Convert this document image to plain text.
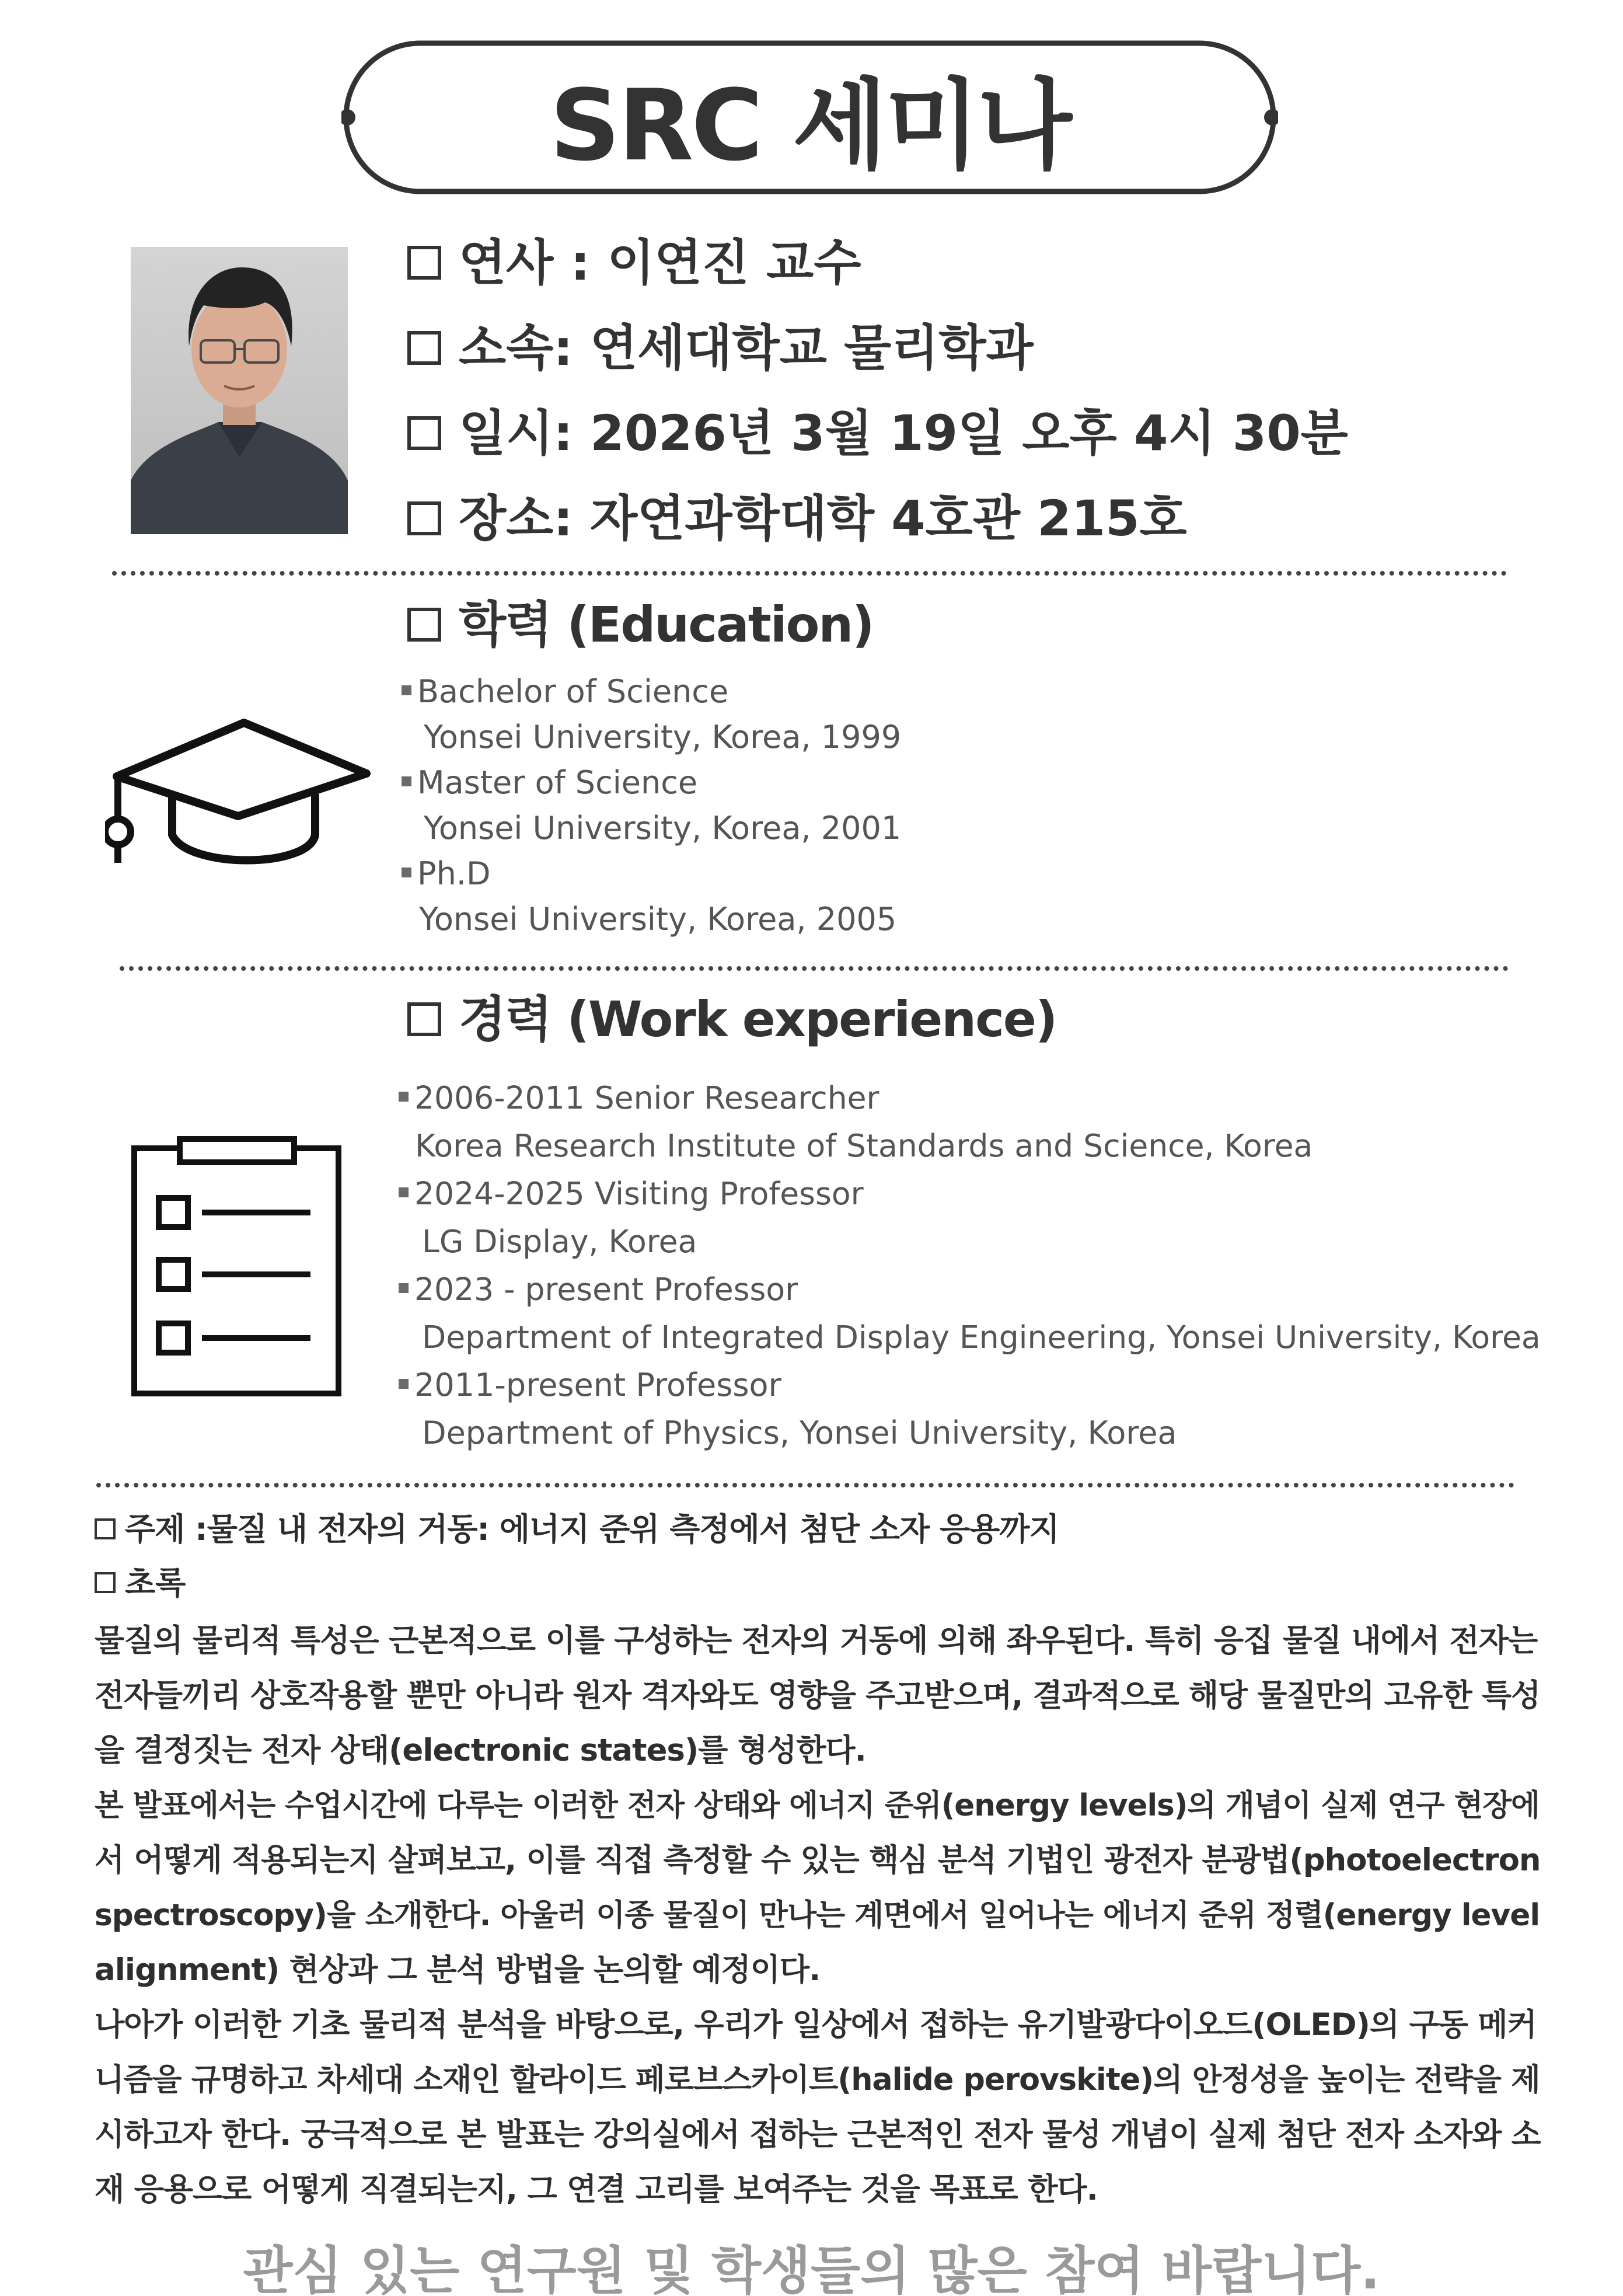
SRC 세미나
연사 : 이연진 교수
소속: 연세대학교 물리학과
일시: 2026년 3월 19일 오후 4시 30분
장소: 자연과학대학 4호관 215호
학력 (Education)
Bachelor of Science
Yonsei University, Korea, 1999
Master of Science
Yonsei University, Korea, 2001
Ph.D
Yonsei University, Korea, 2005
경력 (Work experience)
2006-2011 Senior Researcher
Korea Research Institute of Standards and Science, Korea
2024-2025 Visiting Professor
LG Display, Korea
2023 - present Professor
Department of Integrated Display Engineering, Yonsei University, Korea
2011-present Professor
Department of Physics, Yonsei University, Korea
주제 :물질 내 전자의 거동: 에너지 준위 측정에서 첨단 소자 응용까지
초록
물질의 물리적 특성은 근본적으로 이를 구성하는 전자의 거동에 의해 좌우된다. 특히 응집 물질 내에서 전자는
전자들끼리 상호작용할 뿐만 아니라 원자 격자와도 영향을 주고받으며, 결과적으로 해당 물질만의 고유한 특성
을 결정짓는 전자 상태(electronic states)를 형성한다.
본 발표에서는 수업시간에 다루는 이러한 전자 상태와 에너지 준위(energy levels)의 개념이 실제 연구 현장에
서 어떻게 적용되는지 살펴보고, 이를 직접 측정할 수 있는 핵심 분석 기법인 광전자 분광법(photoelectron
spectroscopy)을 소개한다. 아울러 이종 물질이 만나는 계면에서 일어나는 에너지 준위 정렬(energy level
alignment) 현상과 그 분석 방법을 논의할 예정이다.
나아가 이러한 기초 물리적 분석을 바탕으로, 우리가 일상에서 접하는 유기발광다이오드(OLED)의 구동 메커
니즘을 규명하고 차세대 소재인 할라이드 페로브스카이트(halide perovskite)의 안정성을 높이는 전략을 제
시하고자 한다. 궁극적으로 본 발표는 강의실에서 접하는 근본적인 전자 물성 개념이 실제 첨단 전자 소자와 소
재 응용으로 어떻게 직결되는지, 그 연결 고리를 보여주는 것을 목표로 한다.
관심 있는 연구원 및 학생들의 많은 참여 바랍니다.
